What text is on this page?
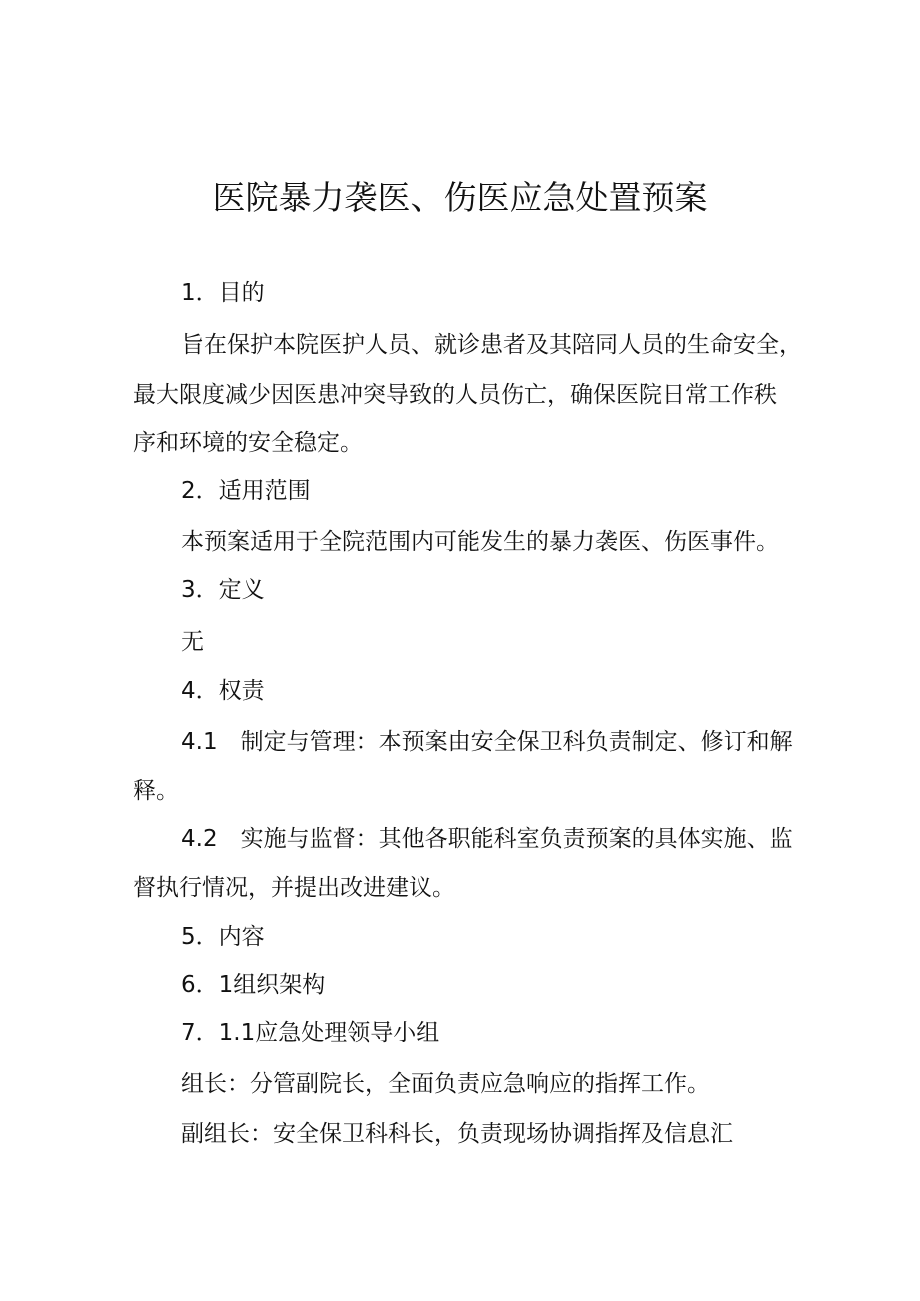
医院暴力袭医、伤医应急处置预案
1．目的
旨在保护本院医护人员、就诊患者及其陪同人员的生命安全，
最大限度减少因医患冲突导致的人员伤亡，确保医院日常工作秩
序和环境的安全稳定。
2．适用范围
本预案适用于全院范围内可能发生的暴力袭医、伤医事件。
3．定义
无
4．权责
4.1　制定与管理：本预案由安全保卫科负责制定、修订和解
释。
4.2　实施与监督：其他各职能科室负责预案的具体实施、监
督执行情况，并提出改进建议。
5．内容
6．1组织架构
7．1.1应急处理领导小组
组长：分管副院长，全面负责应急响应的指挥工作。
副组长：安全保卫科科长，负责现场协调指挥及信息汇
